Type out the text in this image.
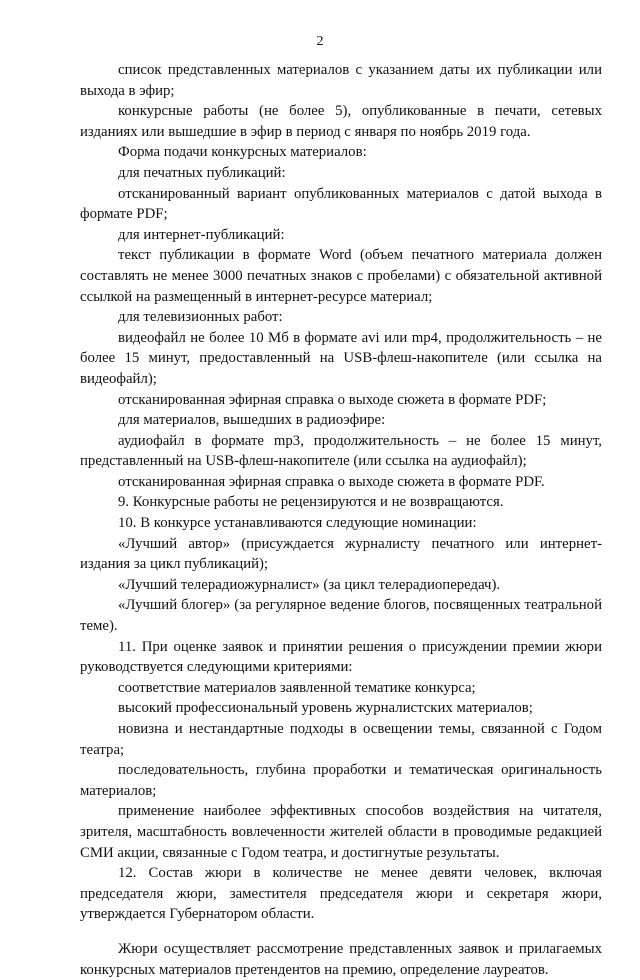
2

список представленных материалов с указанием даты их публикации или выхода в эфир;

конкурсные работы (не более 5), опубликованные в печати, сетевых изданиях или вышедшие в эфир в период с января по ноябрь 2019 года.

Форма подачи конкурсных материалов:

для печатных публикаций:

отсканированный вариант опубликованных материалов с датой выхода в формате PDF;

для интернет-публикаций:

текст публикации в формате Word (объем печатного материала должен составлять не менее 3000 печатных знаков с пробелами) с обязательной активной ссылкой на размещенный в интернет-ресурсе материал;

для телевизионных работ:

видеофайл не более 10 Мб в формате avi или mp4, продолжительность – не более 15 минут, предоставленный на USB-флеш-накопителе (или ссылка на видеофайл);

отсканированная эфирная справка о выходе сюжета в формате PDF;

для материалов, вышедших в радиоэфире:

аудиофайл в формате mp3, продолжительность – не более 15 минут, представленный на USB-флеш-накопителе (или ссылка на аудиофайл);

отсканированная эфирная справка о выходе сюжета в формате PDF.

9. Конкурсные работы не рецензируются и не возвращаются.

10. В конкурсе устанавливаются следующие номинации:

«Лучший автор» (присуждается журналисту печатного или интернет-издания за цикл публикаций);

«Лучший телерадиожурналист» (за цикл телерадиопередач).

«Лучший блогер» (за регулярное ведение блогов, посвященных театральной теме).

11. При оценке заявок и принятии решения о присуждении премии жюри руководствуется следующими критериями:

соответствие материалов заявленной тематике конкурса;

высокий профессиональный уровень журналистских материалов;

новизна и нестандартные подходы в освещении темы, связанной с Годом театра;

последовательность, глубина проработки и тематическая оригинальность материалов;

применение наиболее эффективных способов воздействия на читателя, зрителя, масштабность вовлеченности жителей области в проводимые редакцией СМИ акции, связанные с Годом театра, и достигнутые результаты.

12. Состав жюри в количестве не менее девяти человек, включая председателя жюри, заместителя председателя жюри и секретаря жюри, утверждается Губернатором области.

Жюри осуществляет рассмотрение представленных заявок и прилагаемых конкурсных материалов претендентов на премию, определение лауреатов.
